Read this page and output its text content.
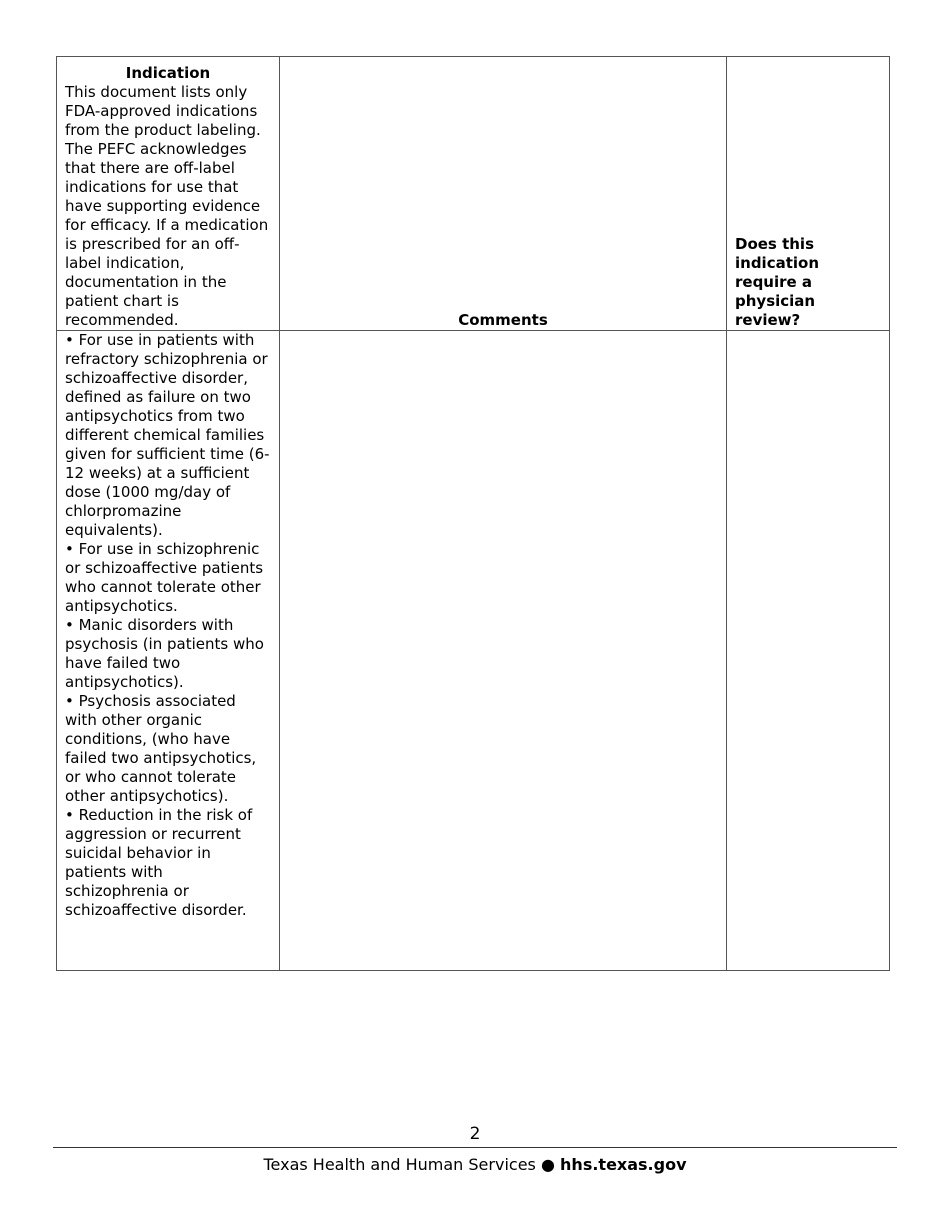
Indication
This document lists only FDA-approved indications from the product labeling. The PEFC acknowledges that there are off-label indications for use that have supporting evidence for efficacy. If a medication is prescribed for an off-label indication, documentation in the patient chart is recommended.	Comments	Does this indication require a physician review?

• For use in patients with refractory schizophrenia or schizoaffective disorder, defined as failure on two antipsychotics from two different chemical families given for sufficient time (6-12 weeks) at a sufficient dose (1000 mg/day of chlorpromazine equivalents).

• For use in schizophrenic or schizoaffective patients who cannot tolerate other antipsychotics.

• Manic disorders with psychosis (in patients who have failed two antipsychotics).

• Psychosis associated with other organic conditions, (who have failed two antipsychotics, or who cannot tolerate other antipsychotics).

• Reduction in the risk of aggression or recurrent suicidal behavior in patients with schizophrenia or schizoaffective disorder.		

2
Texas Health and Human Services ● hhs.texas.gov
